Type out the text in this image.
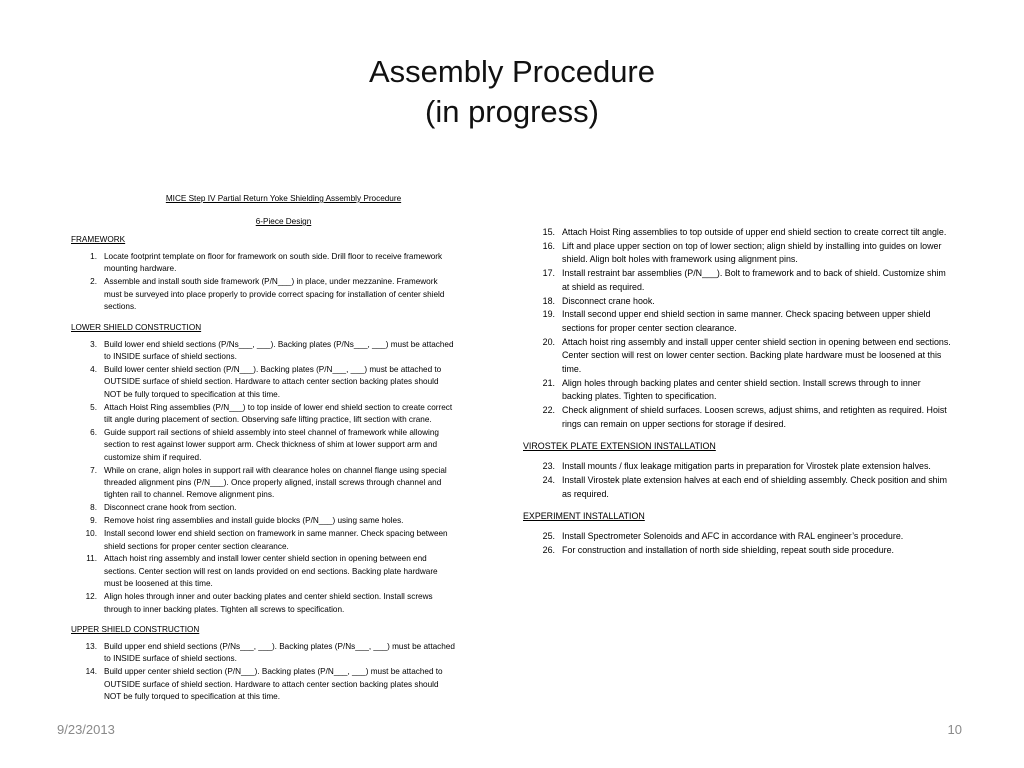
Assembly Procedure
(in progress)
MICE Step IV Partial Return Yoke Shielding Assembly Procedure
6-Piece Design
FRAMEWORK
1. Locate footprint template on floor for framework on south side. Drill floor to receive framework mounting hardware.
2. Assemble and install south side framework (P/N___) in place, under mezzanine. Framework must be surveyed into place properly to provide correct spacing for installation of center shield sections.
LOWER SHIELD CONSTRUCTION
3. Build lower end shield sections (P/Ns___, ___). Backing plates (P/Ns___, ___) must be attached to INSIDE surface of shield sections.
4. Build lower center shield section (P/N___). Backing plates (P/N___, ___) must be attached to OUTSIDE surface of shield section. Hardware to attach center section backing plates should NOT be fully torqued to specification at this time.
5. Attach Hoist Ring assemblies (P/N___) to top inside of lower end shield section to create correct tilt angle during placement of section. Observing safe lifting practice, lift section with crane.
6. Guide support rail sections of shield assembly into steel channel of framework while allowing section to rest against lower support arm. Check thickness of shim at lower support arm and customize shim if required.
7. While on crane, align holes in support rail with clearance holes on channel flange using special threaded alignment pins (P/N___). Once properly aligned, install screws through channel and tighten rail to channel. Remove alignment pins.
8. Disconnect crane hook from section.
9. Remove hoist ring assemblies and install guide blocks (P/N___) using same holes.
10. Install second lower end shield section on framework in same manner. Check spacing between shield sections for proper center section clearance.
11. Attach hoist ring assembly and install lower center shield section in opening between end sections. Center section will rest on lands provided on end sections. Backing plate hardware must be loosened at this time.
12. Align holes through inner and outer backing plates and center shield section. Install screws through to inner backing plates. Tighten all screws to specification.
UPPER SHIELD CONSTRUCTION
13. Build upper end shield sections (P/Ns___, ___). Backing plates (P/Ns___, ___) must be attached to INSIDE surface of shield sections.
14. Build upper center shield section (P/N___). Backing plates (P/N___, ___) must be attached to OUTSIDE surface of shield section. Hardware to attach center section backing plates should NOT be fully torqued to specification at this time.
15. Attach Hoist Ring assemblies to top outside of upper end shield section to create correct tilt angle.
16. Lift and place upper section on top of lower section; align shield by installing into guides on lower shield. Align bolt holes with framework using alignment pins.
17. Install restraint bar assemblies (P/N___). Bolt to framework and to back of shield. Customize shim at shield as required.
18. Disconnect crane hook.
19. Install second upper end shield section in same manner. Check spacing between upper shield sections for proper center section clearance.
20. Attach hoist ring assembly and install upper center shield section in opening between end sections. Center section will rest on lower center section. Backing plate hardware must be loosened at this time.
21. Align holes through backing plates and center shield section. Install screws through to inner backing plates. Tighten to specification.
22. Check alignment of shield surfaces. Loosen screws, adjust shims, and retighten as required. Hoist rings can remain on upper sections for storage if desired.
VIROSTEK PLATE EXTENSION INSTALLATION
23. Install mounts / flux leakage mitigation parts in preparation for Virostek plate extension halves.
24. Install Virostek plate extension halves at each end of shielding assembly. Check position and shim as required.
EXPERIMENT INSTALLATION
25. Install Spectrometer Solenoids and AFC in accordance with RAL engineer’s procedure.
26. For construction and installation of north side shielding, repeat south side procedure.
9/23/2013	10
